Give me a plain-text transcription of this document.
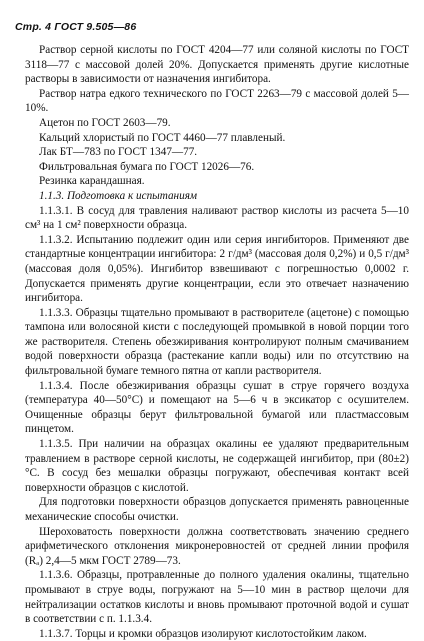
Стр. 4 ГОСТ 9.505—86

Раствор серной кислоты по ГОСТ 4204—77 или соляной кислоты по ГОСТ 3118—77 с массовой долей 20%. Допускается применять другие кислотные растворы в зависимости от назначения ингибитора.

Раствор натра едкого технического по ГОСТ 2263—79 с массовой долей 5—10%.

Ацетон по ГОСТ 2603—79.

Кальций хлористый по ГОСТ 4460—77 плавленый.

Лак БТ—783 по ГОСТ 1347—77.

Фильтровальная бумага по ГОСТ 12026—76.

Резинка карандашная.

1.1.3. Подготовка к испытаниям

1.1.3.1. В сосуд для травления наливают раствор кислоты из расчета 5—10 см³ на 1 см² поверхности образца.

1.1.3.2. Испытанию подлежит один или серия ингибиторов. Применяют две стандартные концентрации ингибитора: 2 г/дм³ (массовая доля 0,2%) и 0,5 г/дм³ (массовая доля 0,05%). Ингибитор взвешивают с погрешностью 0,0002 г. Допускается применять другие концентрации, если это отвечает назначению ингибитора.

1.1.3.3. Образцы тщательно промывают в растворителе (ацетоне) с помощью тампона или волосяной кисти с последующей промывкой в новой порции того же растворителя. Степень обезжиривания контролируют полным смачиванием водой поверхности образца (растекание капли воды) или по отсутствию на фильтровальной бумаге темного пятна от капли растворителя.

1.1.3.4. После обезжиривания образцы сушат в струе горячего воздуха (температура 40—50°С) и помещают на 5—6 ч в эксикатор с осушителем. Очищенные образцы берут фильтровальной бумагой или пластмассовым пинцетом.

1.1.3.5. При наличии на образцах окалины ее удаляют предварительным травлением в растворе серной кислоты, не содержащей ингибитор, при (80±2)°С. В сосуд без мешалки образцы погружают, обеспечивая контакт всей поверхности образцов с кислотой.

Для подготовки поверхности образцов допускается применять равноценные механические способы очистки.

Шероховатость поверхности должна соответствовать значению среднего арифметического отклонения микронеровностей от средней линии профиля (Rₐ) 2,4—5 мкм ГОСТ 2789—73.

1.1.3.6. Образцы, протравленные до полного удаления окалины, тщательно промывают в струе воды, погружают на 5—10 мин в раствор щелочи для нейтрализации остатков кислоты и вновь промывают проточной водой и сушат в соответствии с п. 1.1.3.4.

1.1.3.7. Торцы и кромки образцов изолируют кислотостойким лаком.
